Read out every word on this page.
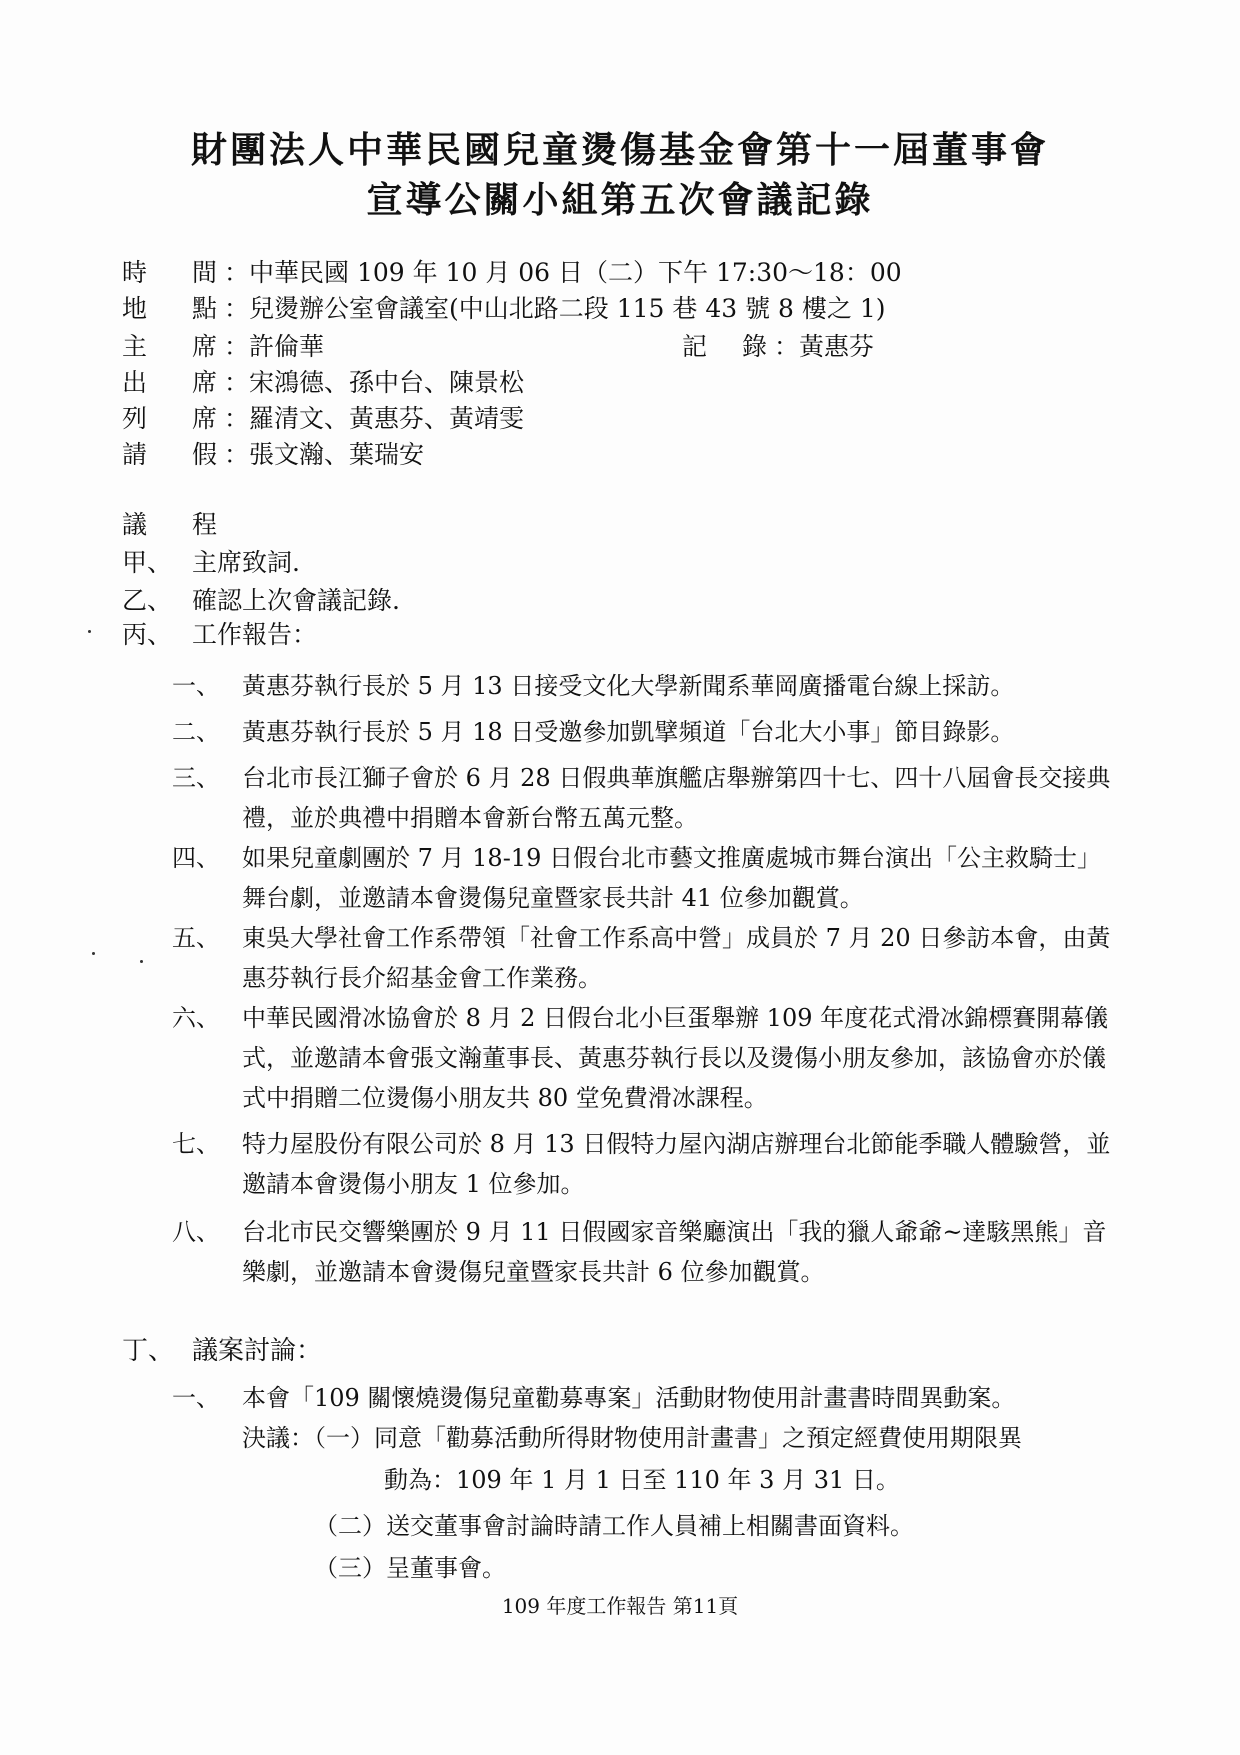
財團法人中華民國兒童燙傷基金會第十一屆董事會
宣導公關小組第五次會議記錄
時 間 ：中華民國 109 年 10 月 06 日（二）下午 17:30～18：00
地 點 ：兒燙辦公室會議室(中山北路二段 115 巷 43 號 8 樓之 1)
主 席 ：許倫華	記 錄 ：黃惠芬
出 席 ：宋鴻德、孫中台、陳景松
列 席 ：羅清文、黃惠芬、黃靖雯
請 假 ：張文瀚、葉瑞安
議 程
甲、 主席致詞.
乙、 確認上次會議記錄.
丙、 工作報告：
一、 黃惠芬執行長於 5 月 13 日接受文化大學新聞系華岡廣播電台線上採訪。
二、 黃惠芬執行長於 5 月 18 日受邀參加凱擘頻道「台北大小事」節目錄影。
三、 台北市長江獅子會於 6 月 28 日假典華旗艦店舉辦第四十七、四十八屆會長交接典禮，並於典禮中捐贈本會新台幣五萬元整。
四、 如果兒童劇團於 7 月 18-19 日假台北市藝文推廣處城市舞台演出「公主救騎士」舞台劇，並邀請本會燙傷兒童暨家長共計 41 位參加觀賞。
五、 東吳大學社會工作系帶領「社會工作系高中營」成員於 7 月 20 日參訪本會，由黃惠芬執行長介紹基金會工作業務。
六、 中華民國滑冰協會於 8 月 2 日假台北小巨蛋舉辦 109 年度花式滑冰錦標賽開幕儀式，並邀請本會張文瀚董事長、黃惠芬執行長以及燙傷小朋友參加，該協會亦於儀式中捐贈二位燙傷小朋友共 80 堂免費滑冰課程。
七、 特力屋股份有限公司於 8 月 13 日假特力屋內湖店辦理台北節能季職人體驗營，並邀請本會燙傷小朋友 1 位參加。
八、 台北市民交響樂團於 9 月 11 日假國家音樂廳演出「我的獵人爺爺~達駭黑熊」音樂劇，並邀請本會燙傷兒童暨家長共計 6 位參加觀賞。
丁、 議案討論：
一、 本會「109 關懷燒燙傷兒童勸募專案」活動財物使用計畫書時間異動案。
決議：（一）同意「勸募活動所得財物使用計畫書」之預定經費使用期限異
動為：109 年 1 月 1 日至 110 年 3 月 31 日。
（二）送交董事會討論時請工作人員補上相關書面資料。
（三）呈董事會。
109 年度工作報告 第11頁
